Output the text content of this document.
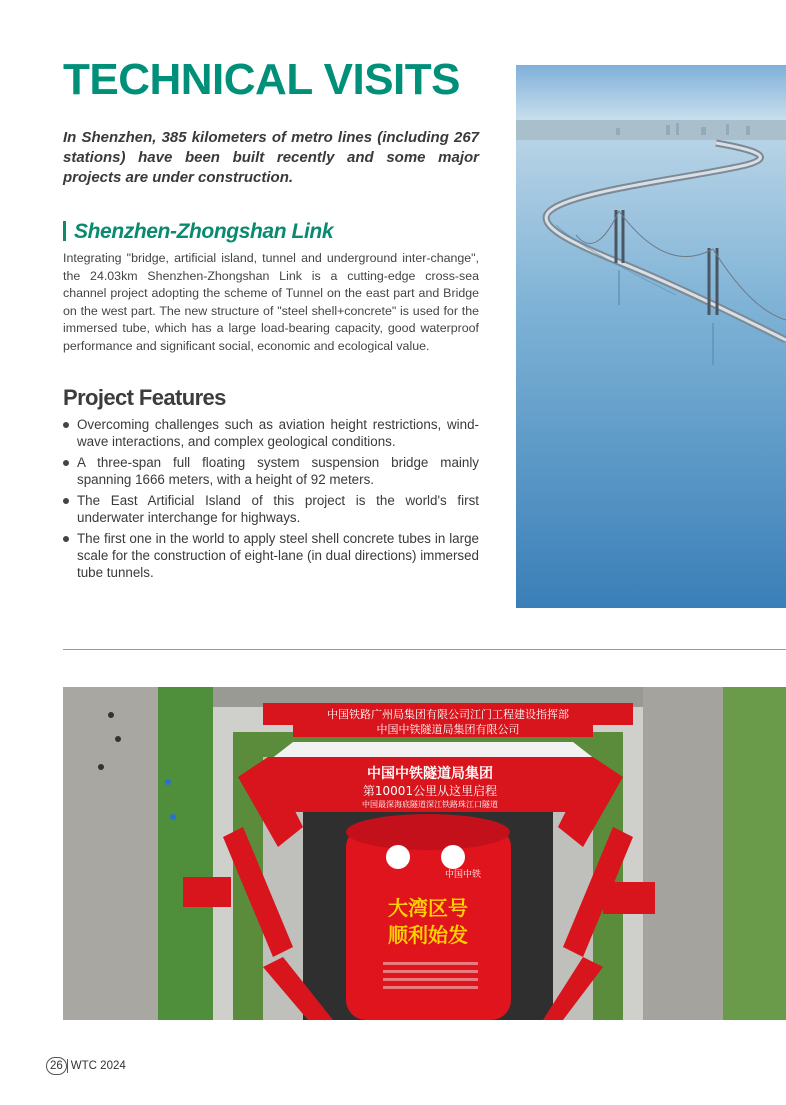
TECHNICAL VISITS

In Shenzhen, 385 kilometers of metro lines (including 267 stations) have been built recently and some major projects are under construction.

Shenzhen-Zhongshan Link

Integrating "bridge, artificial island, tunnel and underground inter-change", the 24.03km Shenzhen-Zhongshan Link is a cutting-edge cross-sea channel project adopting the scheme of Tunnel on the east part and Bridge on the west part. The new structure of "steel shell+concrete" is used for the immersed tube, which has a large load-bearing capacity, good waterproof performance and significant social, economic and ecological value.

Project Features
Overcoming challenges such as aviation height restrictions, wind-wave interactions, and complex geological conditions.
A three-span full floating system suspension bridge mainly spanning 1666 meters, with a height of 92 meters.
The East Artificial Island of this project is the world's first underwater interchange for highways.
The first one in the world to apply steel shell concrete tubes in large scale for the construction of eight-lane (in dual directions) immersed tube tunnels.
中国铁路广州局集团有限公司江门工程建设指挥部
中国中铁隧道局集团有限公司
中国中铁隧道局集团
第10001公里从这里启程
中国最深海底隧道深江铁路珠江口隧道
中国中铁
大湾区号
顺利始发
26 WTC 2024
